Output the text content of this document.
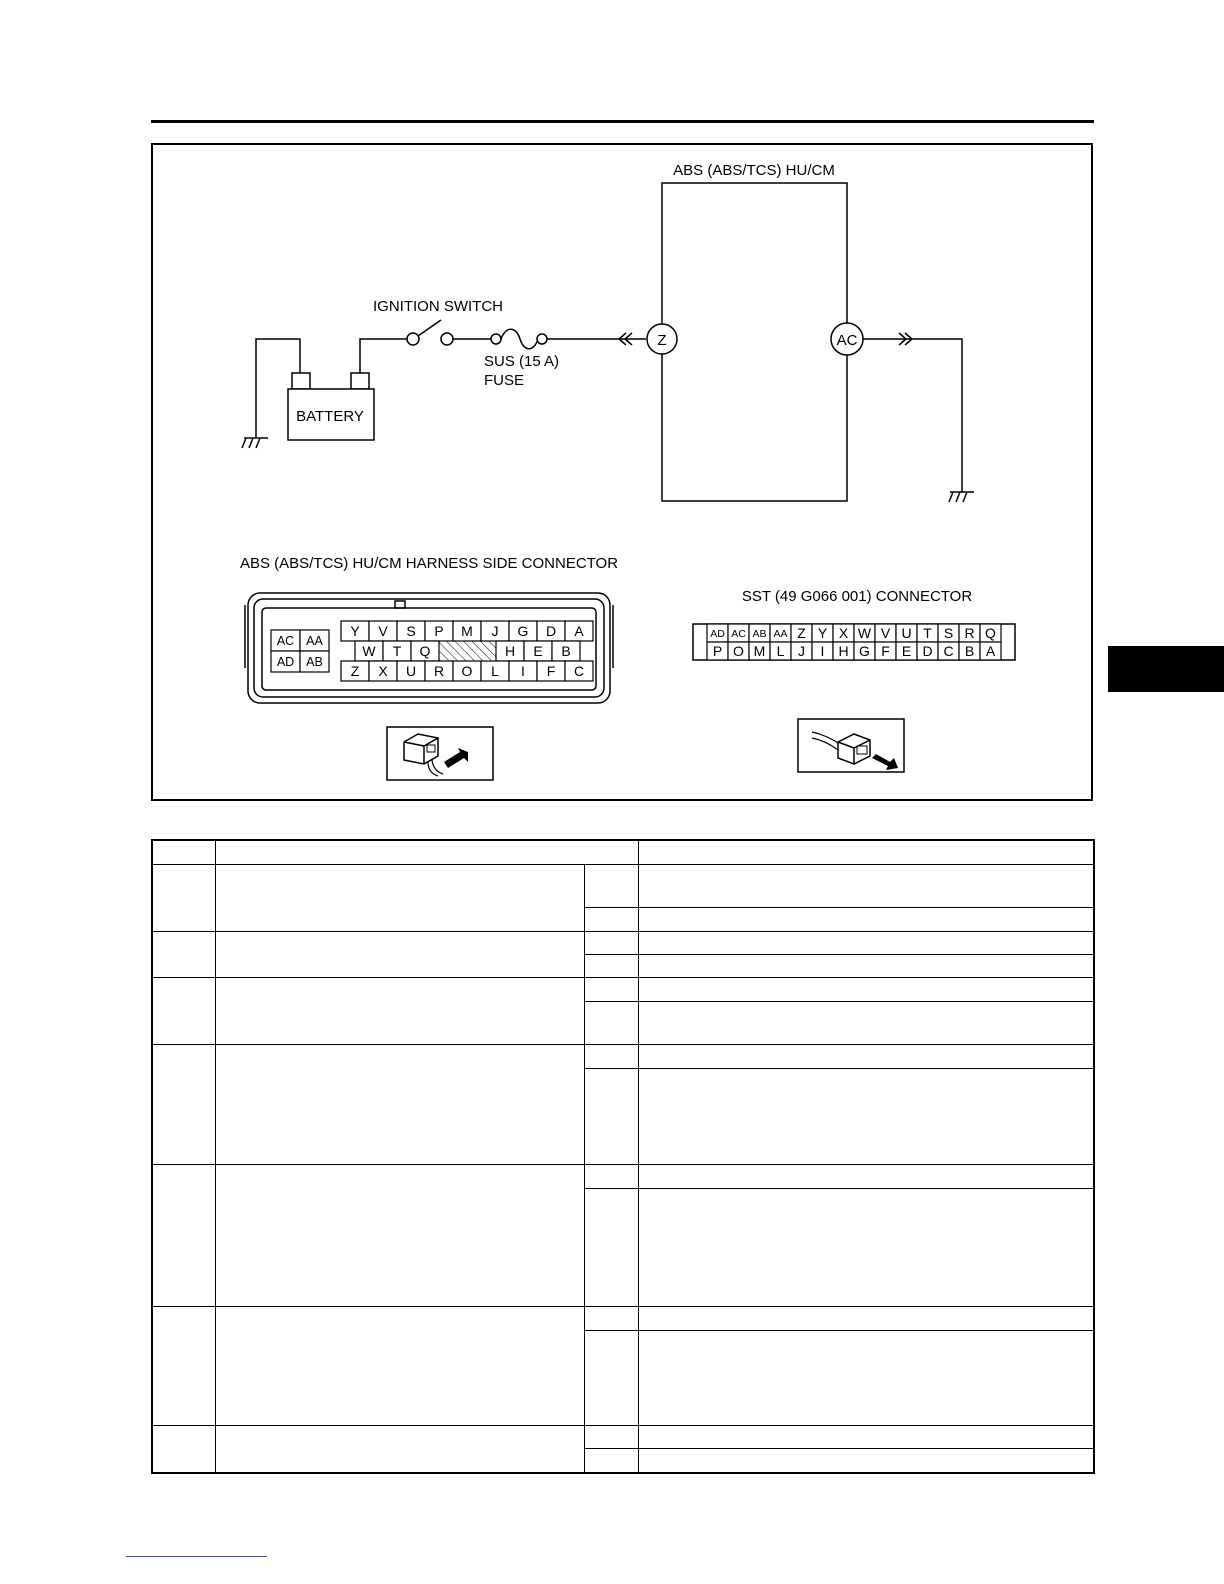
ABS (ABS/TCS) HU/CM
BATTERY
IGNITION SWITCH
SUS (15 A)
FUSE
Z	AC
ABS (ABS/TCS) HU/CM HARNESS SIDE CONNECTOR
SST (49 G066 001) CONNECTOR
AC AA
AD AB
Y V S P M J G D A
W T Q	H E B
Z X U R O L I F C
AD AC AB AA Z Y X W V U T S R Q
P O M L J I H G F E D C B A
